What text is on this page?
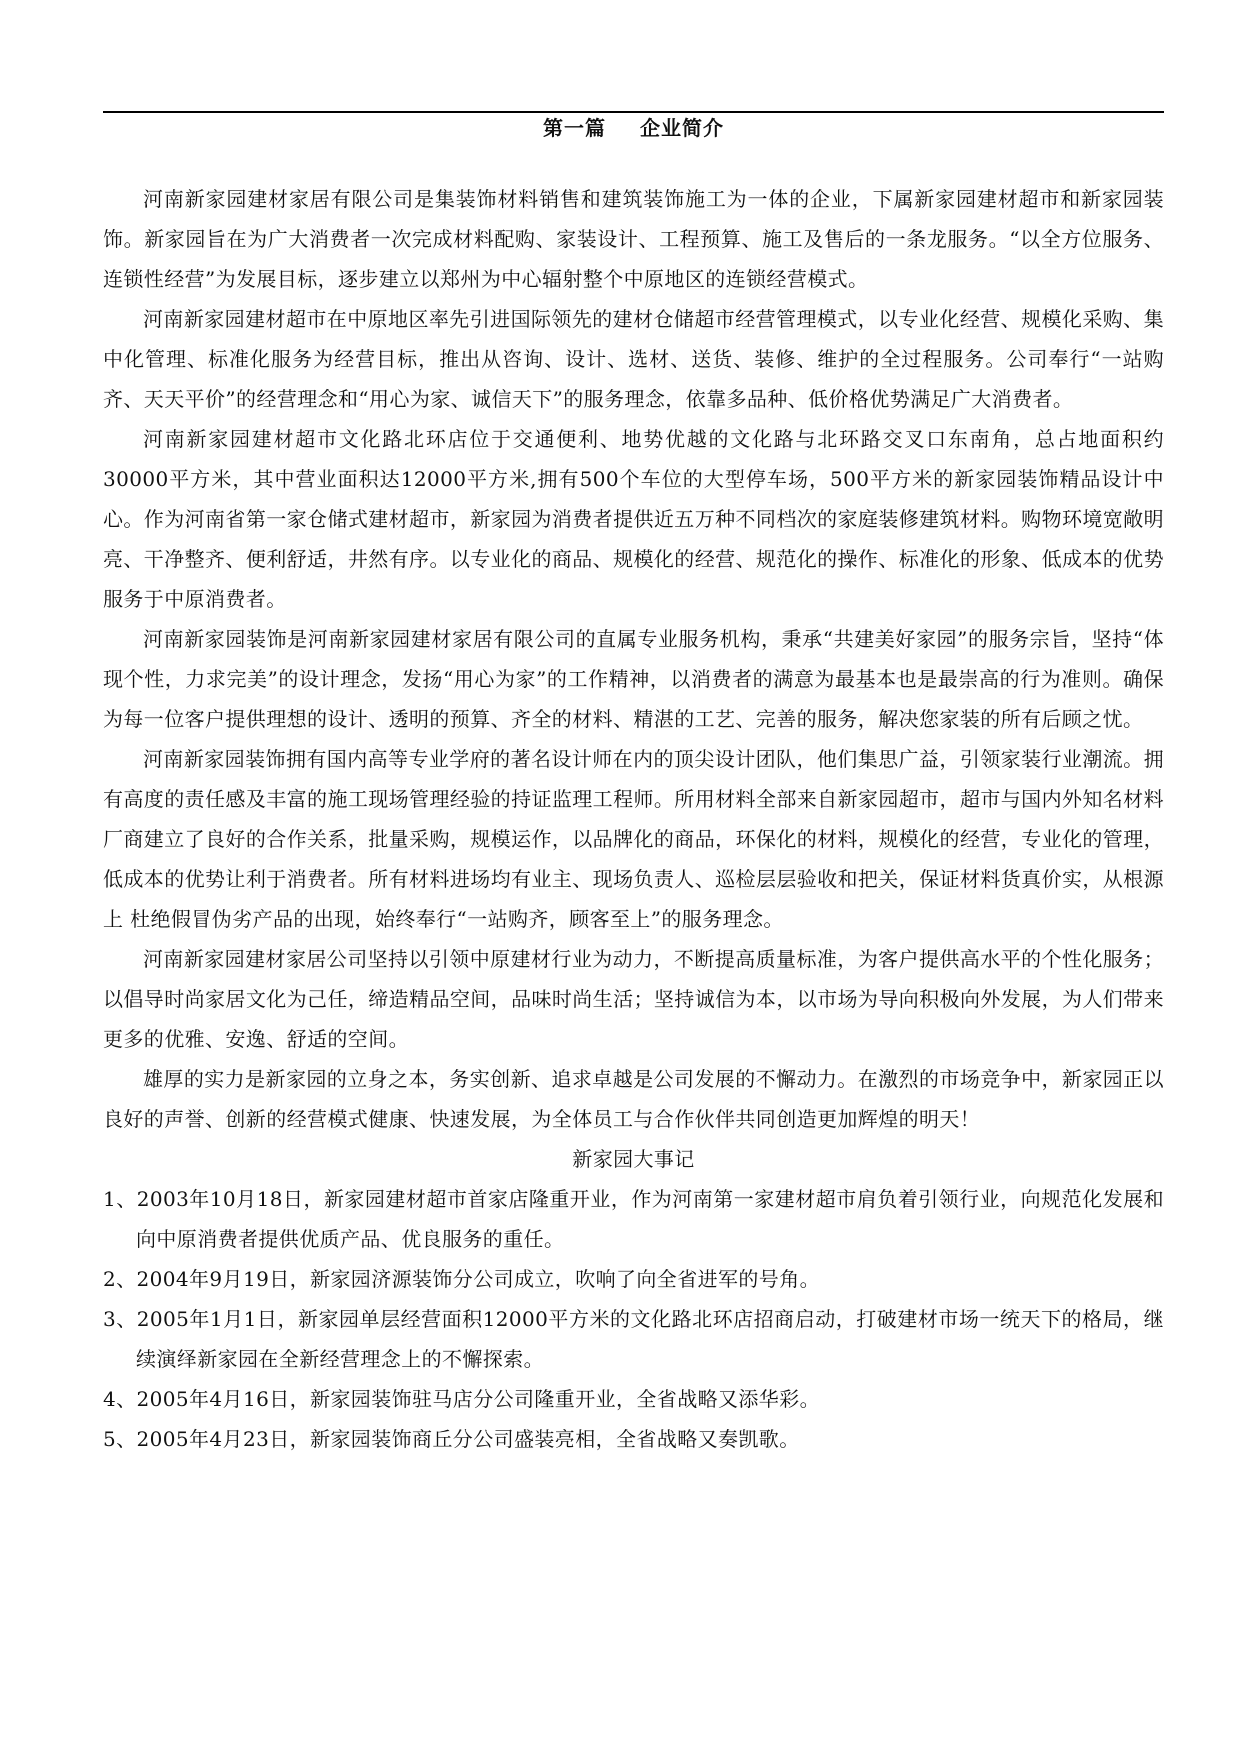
第一篇 企业简介

河南新家园建材家居有限公司是集装饰材料销售和建筑装饰施工为一体的企业，下属新家园建材超市和新家园装饰。新家园旨在为广大消费者一次完成材料配购、家装设计、工程预算、施工及售后的一条龙服务。“以全方位服务、连锁性经营”为发展目标，逐步建立以郑州为中心辐射整个中原地区的连锁经营模式。

河南新家园建材超市在中原地区率先引进国际领先的建材仓储超市经营管理模式，以专业化经营、规模化采购、集中化管理、标准化服务为经营目标，推出从咨询、设计、选材、送货、装修、维护的全过程服务。公司奉行“一站购齐、天天平价”的经营理念和“用心为家、诚信天下”的服务理念，依靠多品种、低价格优势满足广大消费者。

河南新家园建材超市文化路北环店位于交通便利、地势优越的文化路与北环路交叉口东南角，总占地面积约30000平方米，其中营业面积达12000平方米,拥有500个车位的大型停车场，500平方米的新家园装饰精品设计中心。作为河南省第一家仓储式建材超市，新家园为消费者提供近五万种不同档次的家庭装修建筑材料。购物环境宽敞明亮、干净整齐、便利舒适，井然有序。以专业化的商品、规模化的经营、规范化的操作、标准化的形象、低成本的优势服务于中原消费者。

河南新家园装饰是河南新家园建材家居有限公司的直属专业服务机构，秉承“共建美好家园”的服务宗旨，坚持“体现个性，力求完美”的设计理念，发扬“用心为家”的工作精神，以消费者的满意为最基本也是最崇高的行为准则。确保为每一位客户提供理想的设计、透明的预算、齐全的材料、精湛的工艺、完善的服务，解决您家装的所有后顾之忧。

河南新家园装饰拥有国内高等专业学府的著名设计师在内的顶尖设计团队，他们集思广益，引领家装行业潮流。拥有高度的责任感及丰富的施工现场管理经验的持证监理工程师。所用材料全部来自新家园超市，超市与国内外知名材料厂商建立了良好的合作关系，批量采购，规模运作，以品牌化的商品，环保化的材料，规模化的经营，专业化的管理，低成本的优势让利于消费者。所有材料进场均有业主、现场负责人、巡检层层验收和把关，保证材料货真价实，从根源上 杜绝假冒伪劣产品的出现，始终奉行“一站购齐，顾客至上”的服务理念。

河南新家园建材家居公司坚持以引领中原建材行业为动力，不断提高质量标准，为客户提供高水平的个性化服务；以倡导时尚家居文化为己任，缔造精品空间，品味时尚生活；坚持诚信为本，以市场为导向积极向外发展，为人们带来更多的优雅、安逸、舒适的空间。

雄厚的实力是新家园的立身之本，务实创新、追求卓越是公司发展的不懈动力。在激烈的市场竞争中，新家园正以良好的声誉、创新的经营模式健康、快速发展，为全体员工与合作伙伴共同创造更加辉煌的明天！

新家园大事记

1、2003年10月18日，新家园建材超市首家店隆重开业，作为河南第一家建材超市肩负着引领行业，向规范化发展和向中原消费者提供优质产品、优良服务的重任。

2、2004年9月19日，新家园济源装饰分公司成立，吹响了向全省进军的号角。

3、2005年1月1日，新家园单层经营面积12000平方米的文化路北环店招商启动，打破建材市场一统天下的格局，继续演绎新家园在全新经营理念上的不懈探索。

4、2005年4月16日，新家园装饰驻马店分公司隆重开业，全省战略又添华彩。

5、2005年4月23日，新家园装饰商丘分公司盛装亮相，全省战略又奏凯歌。
